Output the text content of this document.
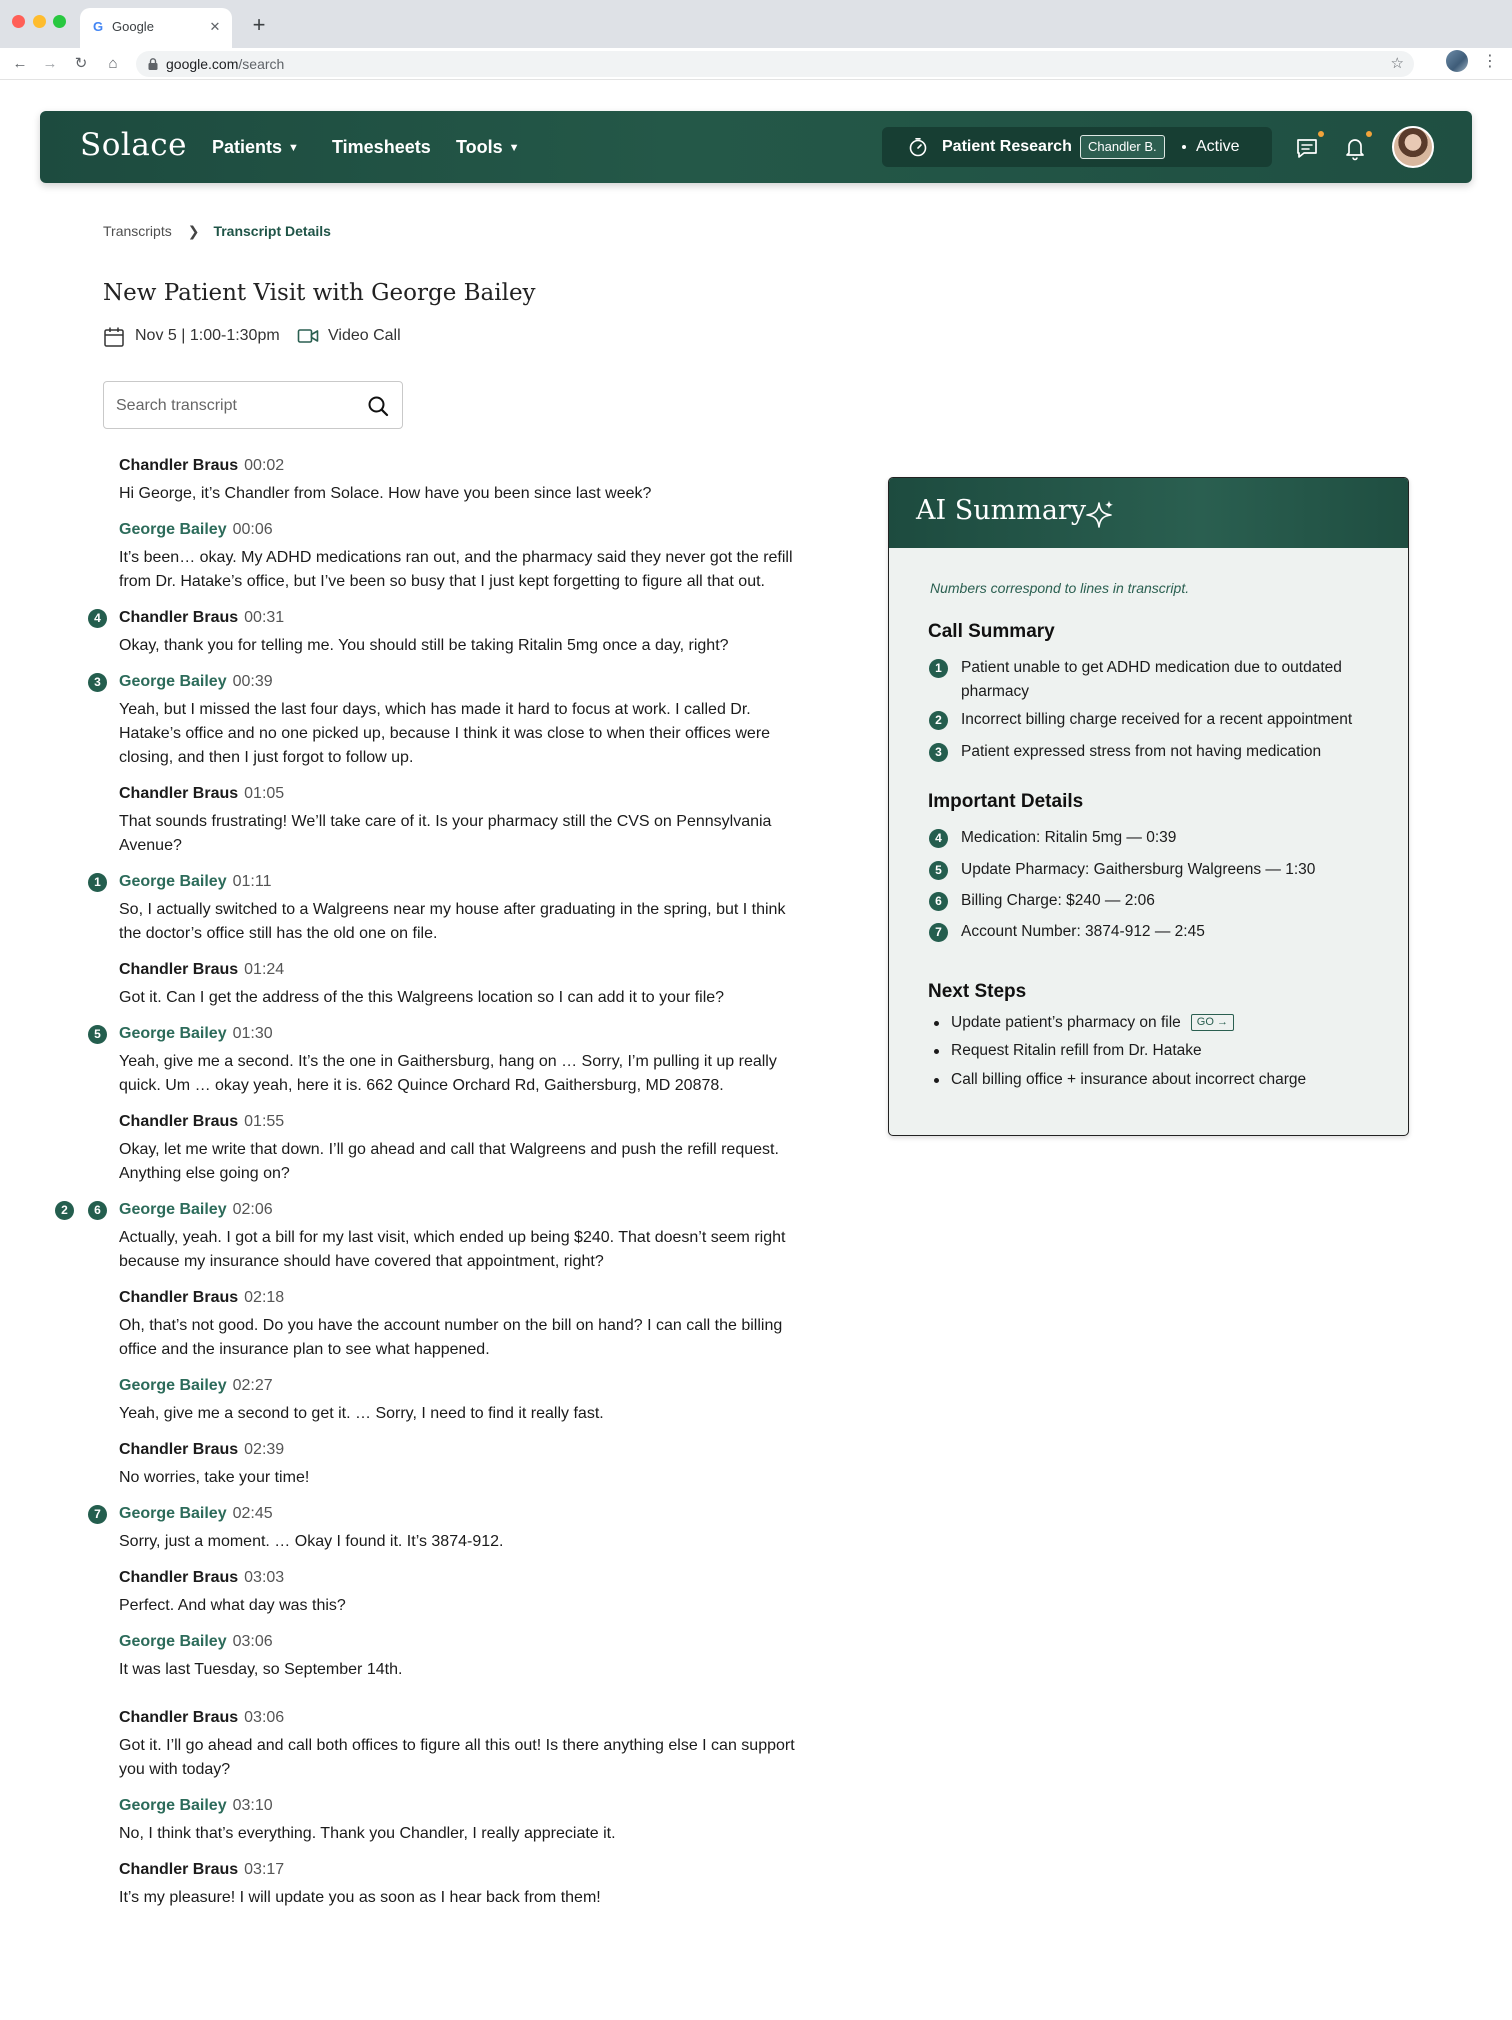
G Google	✕ +
←	→	↻	⌂	google.com/search	☆	⋮
Solace Patients ▼ Timesheets Tools ▼	Patient Research	Chandler B.	Active
Transcripts ❯ Transcript Details
New Patient Visit with George Bailey
Nov 5 | 1:00-1:30pm	Video Call
Search transcript
Chandler Braus 00:02
Hi George, it’s Chandler from Solace. How have you been since last week?
George Bailey 00:06
It’s been… okay. My ADHD medications ran out, and the pharmacy said they never got the refill from Dr. Hatake’s office, but I’ve been so busy that I just kept forgetting to figure all that out.
4	Chandler Braus 00:31
Okay, thank you for telling me. You should still be taking Ritalin 5mg once a day, right?
3	George Bailey 00:39
Yeah, but I missed the last four days, which has made it hard to focus at work. I called Dr. Hatake’s office and no one picked up, because I think it was close to when their offices were closing, and then I just forgot to follow up.
Chandler Braus 01:05
That sounds frustrating! We’ll take care of it. Is your pharmacy still the CVS on Pennsylvania Avenue?
1	George Bailey 01:11
So, I actually switched to a Walgreens near my house after graduating in the spring, but I think the doctor’s office still has the old one on file.
Chandler Braus 01:24
Got it. Can I get the address of the this Walgreens location so I can add it to your file?
5	George Bailey 01:30
Yeah, give me a second. It’s the one in Gaithersburg, hang on … Sorry, I’m pulling it up really quick. Um … okay yeah, here it is. 662 Quince Orchard Rd, Gaithersburg, MD 20878.
Chandler Braus 01:55
Okay, let me write that down. I’ll go ahead and call that Walgreens and push the refill request. Anything else going on?
2	6	George Bailey 02:06
Actually, yeah. I got a bill for my last visit, which ended up being $240. That doesn’t seem right because my insurance should have covered that appointment, right?
Chandler Braus 02:18
Oh, that’s not good. Do you have the account number on the bill on hand? I can call the billing office and the insurance plan to see what happened.
George Bailey 02:27
Yeah, give me a second to get it. … Sorry, I need to find it really fast.
Chandler Braus 02:39
No worries, take your time!
7	George Bailey 02:45
Sorry, just a moment. … Okay I found it. It’s 3874-912.
Chandler Braus 03:03
Perfect. And what day was this?
George Bailey 03:06
It was last Tuesday, so September 14th.
Chandler Braus 03:06
Got it. I’ll go ahead and call both offices to figure all this out! Is there anything else I can support you with today?
George Bailey 03:10
No, I think that’s everything. Thank you Chandler, I really appreciate it.
Chandler Braus 03:17
It’s my pleasure! I will update you as soon as I hear back from them!
AI Summary
Numbers correspond to lines in transcript.
Call Summary
1	Patient unable to get ADHD medication due to outdated pharmacy
2	Incorrect billing charge received for a recent appointment
3	Patient expressed stress from not having medication
Important Details
4	Medication: Ritalin 5mg — 0:39
5	Update Pharmacy: Gaithersburg Walgreens — 1:30
6	Billing Charge: $240 — 2:06
7	Account Number: 3874-912 — 2:45
Next Steps
Update patient’s pharmacy on file GO →
Request Ritalin refill from Dr. Hatake
Call billing office + insurance about incorrect charge
